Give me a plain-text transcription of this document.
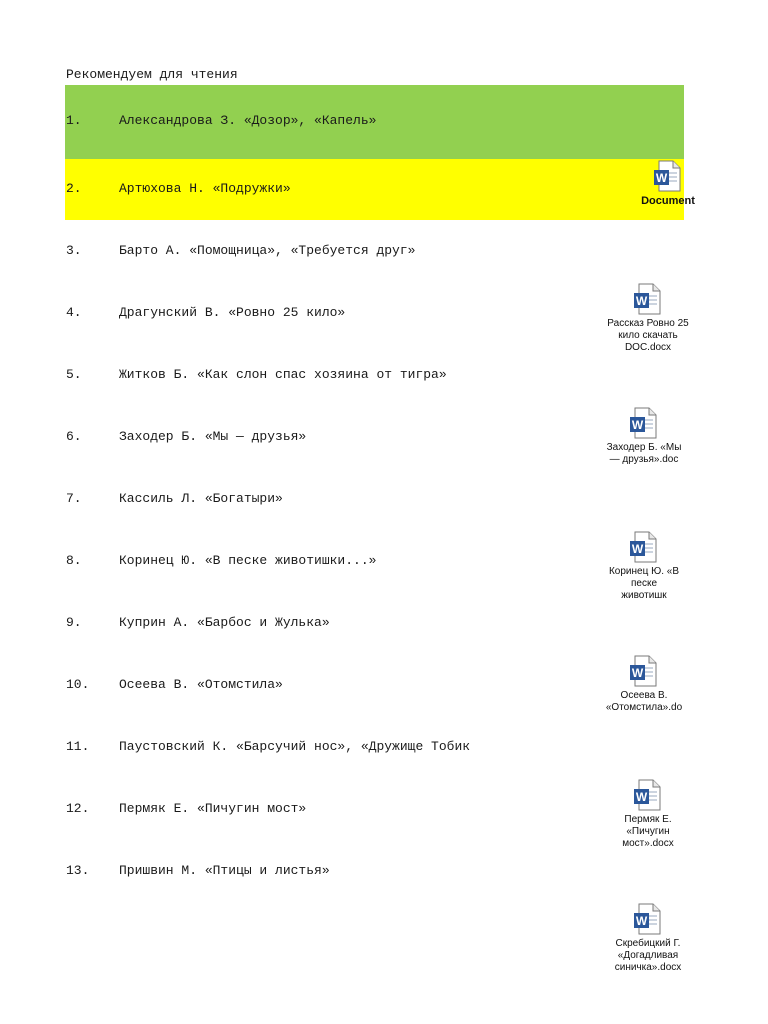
Рекомендуем для чтения
1.	Александрова З. «Дозор», «Капель»
2.	Артюхова Н. «Подружки»
3.	Барто А. «Помощница», «Требуется друг»
4.	Драгунский В. «Ровно 25 кило»
5.	Житков Б. «Как слон спас хозяина от тигра»
6.	Заходер Б. «Мы — друзья»
7.	Кассиль Л. «Богатыри»
8.	Коринец Ю. «В песке животишки...»
9.	Куприн А. «Барбос и Жулька»
10. Осеева В. «Отомстила»
11. Паустовский К. «Барсучий нос», «Дружище Тобик
12. Пермяк Е. «Пичугин мост»
13. Пришвин М. «Птицы и листья»
W
Document
W
Рассказ Ровно 25
кило скачать
DOC.docx
W
Заходер Б. «Мы
— друзья».doc
W
Коринец Ю. «В
песке
животишк
W
Осеева В.
«Отомстила».do
W
Пермяк Е.
«Пичугин
мост».docx
W
Скребицкий Г.
«Догадливая
синичка».docx
